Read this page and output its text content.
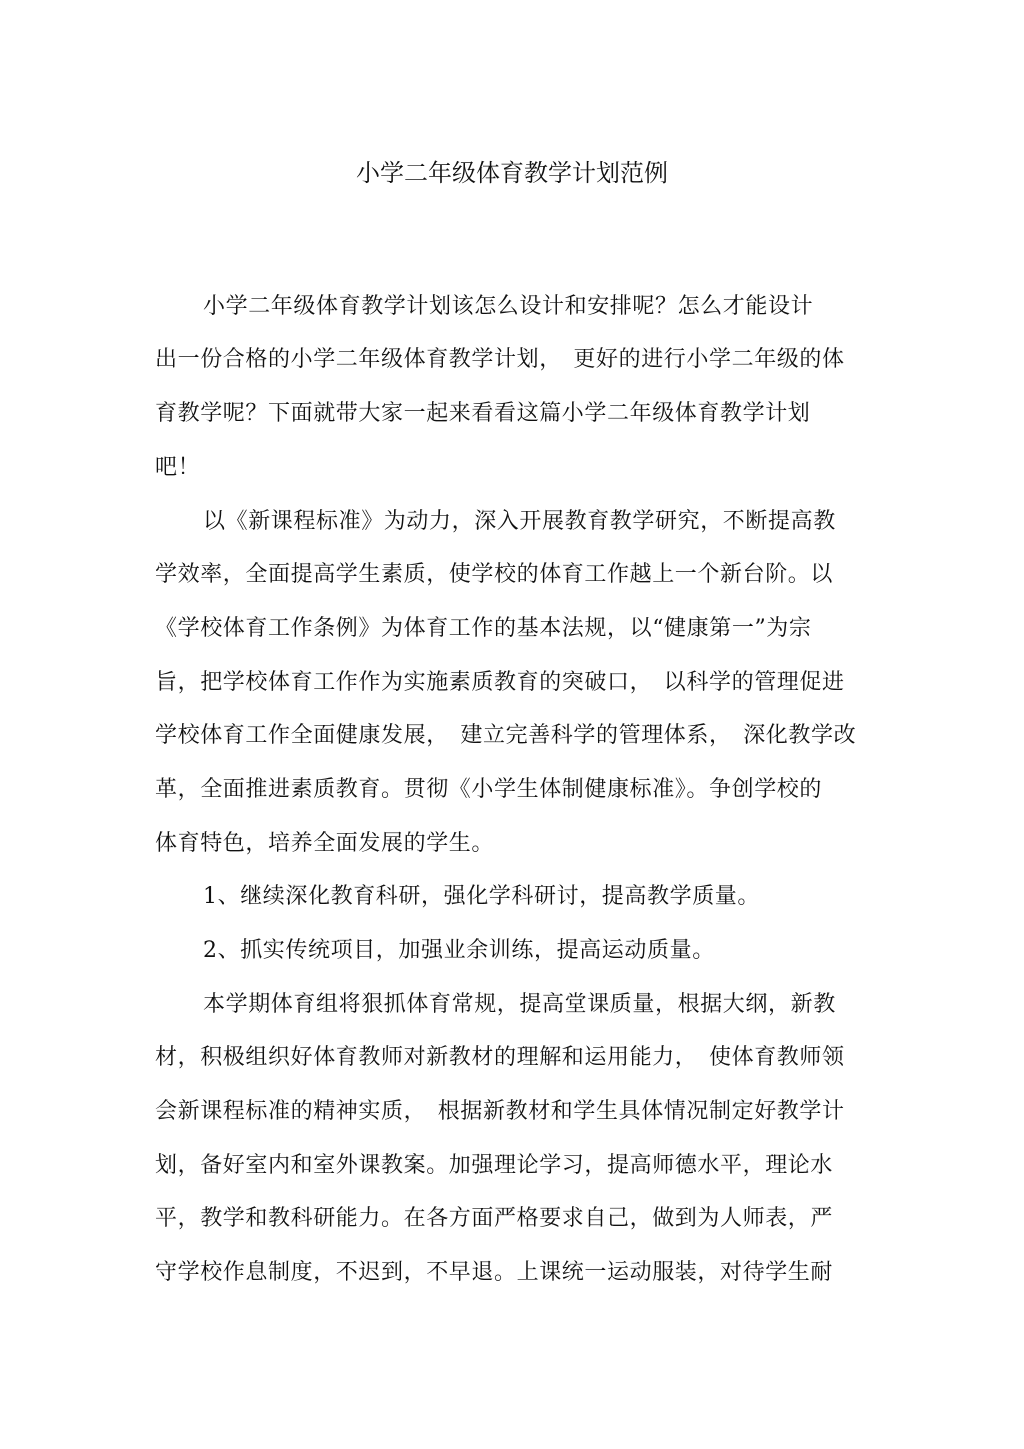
小学二年级体育教学计划范例
小学二年级体育教学计划该怎么设计和安排呢？怎么才能设计
出一份合格的小学二年级体育教学计划，　更好的进行小学二年级的体
育教学呢？下面就带大家一起来看看这篇小学二年级体育教学计划
吧！
以《新课程标准》为动力，深入开展教育教学研究，不断提高教
学效率，全面提高学生素质，使学校的体育工作越上一个新台阶。以
《学校体育工作条例》为体育工作的基本法规，以“健康第一”为宗
旨，把学校体育工作作为实施素质教育的突破口，　以科学的管理促进
学校体育工作全面健康发展，　建立完善科学的管理体系，　深化教学改
革，全面推进素质教育。贯彻《小学生体制健康标准》。争创学校的
体育特色，培养全面发展的学生。
1、继续深化教育科研，强化学科研讨，提高教学质量。
2、抓实传统项目，加强业余训练，提高运动质量。
本学期体育组将狠抓体育常规，提高堂课质量，根据大纲，新教
材，积极组织好体育教师对新教材的理解和运用能力，　使体育教师领
会新课程标准的精神实质，　根据新教材和学生具体情况制定好教学计
划，备好室内和室外课教案。加强理论学习，提高师德水平，理论水
平，教学和教科研能力。在各方面严格要求自己，做到为人师表，严
守学校作息制度，不迟到，不早退。上课统一运动服装，对待学生耐
